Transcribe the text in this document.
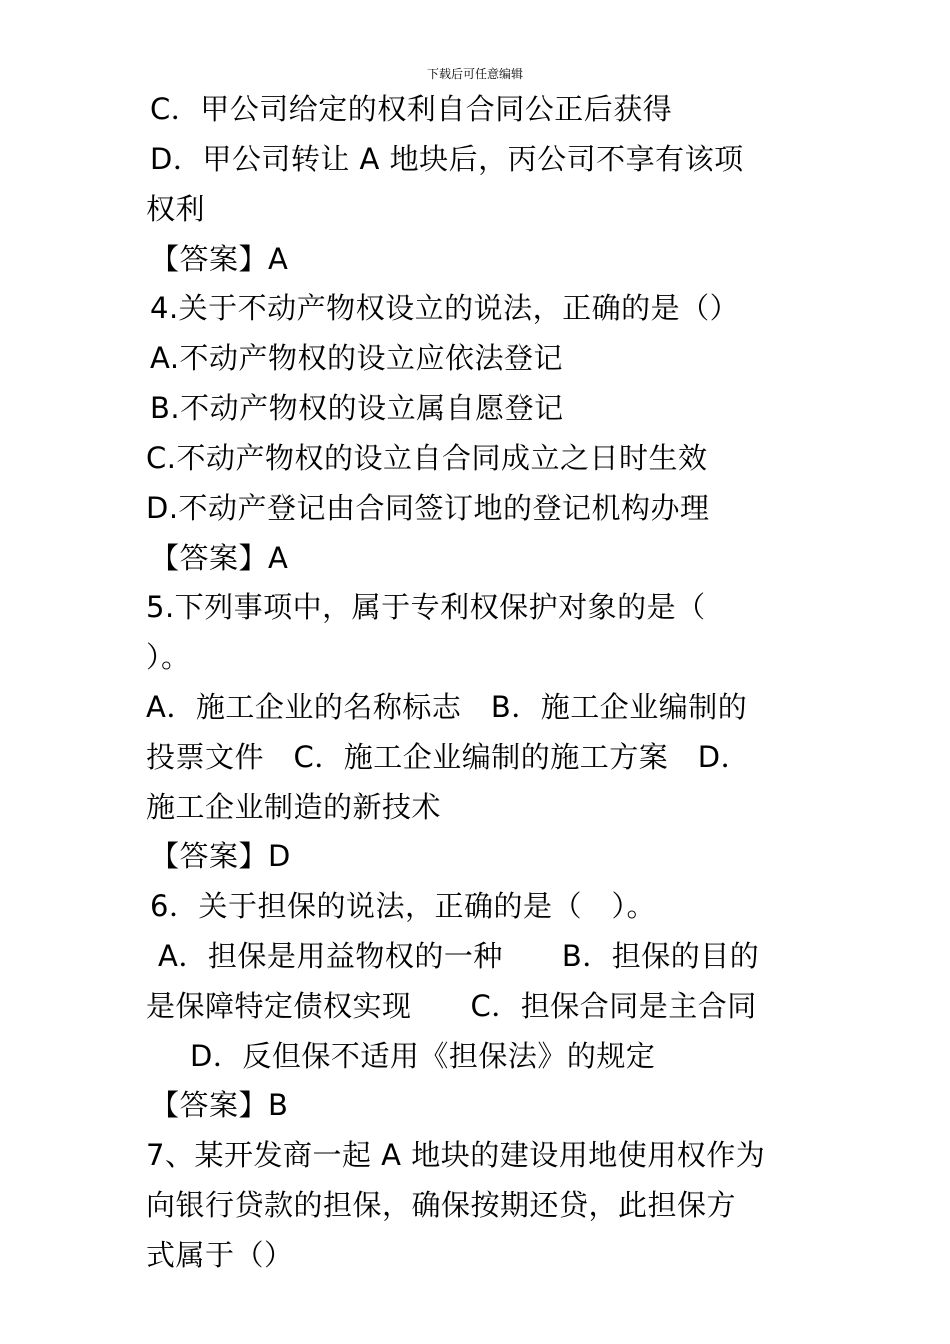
下载后可任意编辑
C．甲公司给定的权利自合同公正后获得
D．甲公司转让 A 地块后，丙公司不享有该项
权利
【答案】A
4.关于不动产物权设立的说法，正确的是（）
A.不动产物权的设立应依法登记
B.不动产物权的设立属自愿登记
C.不动产物权的设立自合同成立之日时生效
D.不动产登记由合同签订地的登记机构办理
【答案】A
5.下列事项中，属于专利权保护对象的是（
）。
A．施工企业的名称标志　B．施工企业编制的
投票文件　C．施工企业编制的施工方案　D．
施工企业制造的新技术
【答案】D
6．关于担保的说法，正确的是（　）。
A．担保是用益物权的一种　　B．担保的目的
是保障特定债权实现　　C．担保合同是主合同
D．反但保不适用《担保法》的规定
【答案】B
7、某开发商一起 A 地块的建设用地使用权作为
向银行贷款的担保，确保按期还贷，此担保方
式属于（）
